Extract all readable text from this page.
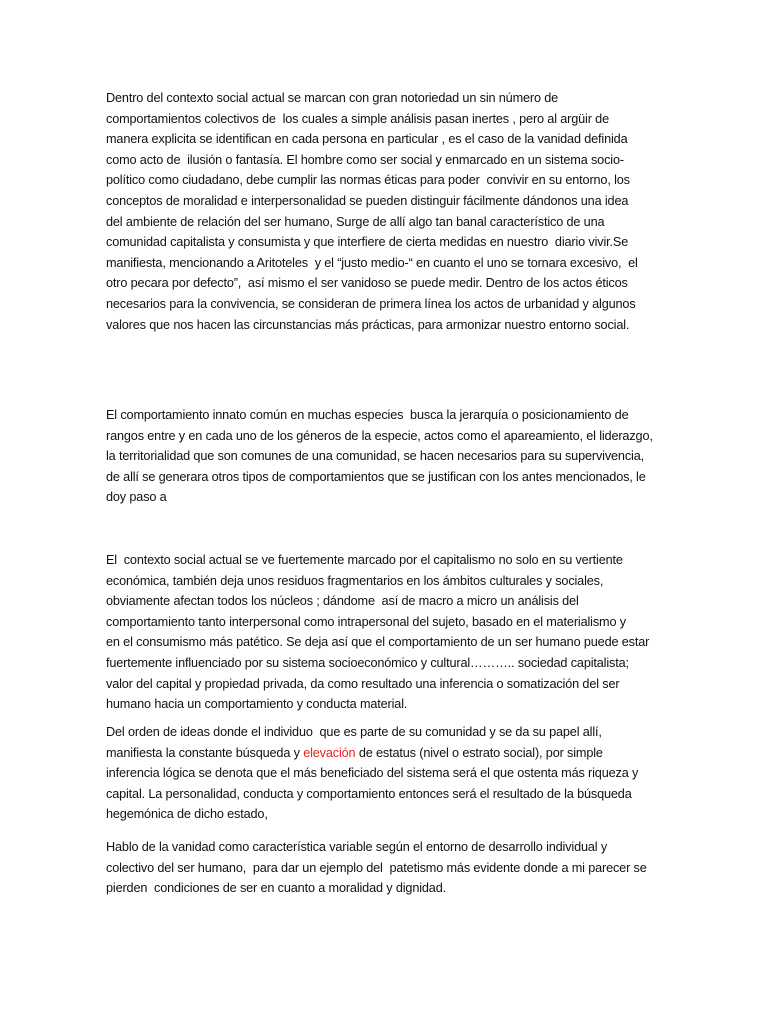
Dentro del contexto social actual se marcan con gran notoriedad un sin número de
comportamientos colectivos de  los cuales a simple análisis pasan inertes , pero al argüir de
manera explicita se identifican en cada persona en particular , es el caso de la vanidad definida
como acto de  ilusión o fantasía. El hombre como ser social y enmarcado en un sistema socio-
político como ciudadano, debe cumplir las normas éticas para poder  convivir en su entorno, los
conceptos de moralidad e interpersonalidad se pueden distinguir fácilmente dándonos una idea
del ambiente de relación del ser humano, Surge de allí algo tan banal característico de una
comunidad capitalista y consumista y que interfiere de cierta medidas en nuestro  diario vivir.Se
manifiesta, mencionando a Aritoteles  y el “justo medio-“ en cuanto el uno se tornara excesivo,  el
otro pecara por defecto”,  así mismo el ser vanidoso se puede medir. Dentro de los actos éticos
necesarios para la convivencia, se consideran de primera línea los actos de urbanidad y algunos
valores que nos hacen las circunstancias más prácticas, para armonizar nuestro entorno social.
El comportamiento innato común en muchas especies  busca la jerarquía o posicionamiento de
rangos entre y en cada uno de los géneros de la especie, actos como el apareamiento, el liderazgo,
la territorialidad que son comunes de una comunidad, se hacen necesarios para su supervivencia,
de allí se generara otros tipos de comportamientos que se justifican con los antes mencionados, le
doy paso a
El  contexto social actual se ve fuertemente marcado por el capitalismo no solo en su vertiente
económica, también deja unos residuos fragmentarios en los ámbitos culturales y sociales,
obviamente afectan todos los núcleos ; dándome  así de macro a micro un análisis del
comportamiento tanto interpersonal como intrapersonal del sujeto, basado en el materialismo y
en el consumismo más patético. Se deja así que el comportamiento de un ser humano puede estar
fuertemente influenciado por su sistema socioeconómico y cultural……….. sociedad capitalista;
valor del capital y propiedad privada, da como resultado una inferencia o somatización del ser
humano hacia un comportamiento y conducta material.
Del orden de ideas donde el individuo  que es parte de su comunidad y se da su papel allí,
manifiesta la constante búsqueda y elevación de estatus (nivel o estrato social), por simple
inferencia lógica se denota que el más beneficiado del sistema será el que ostenta más riqueza y
capital. La personalidad, conducta y comportamiento entonces será el resultado de la búsqueda
hegemónica de dicho estado,
Hablo de la vanidad como característica variable según el entorno de desarrollo individual y
colectivo del ser humano,  para dar un ejemplo del  patetismo más evidente donde a mi parecer se
pierden  condiciones de ser en cuanto a moralidad y dignidad.
